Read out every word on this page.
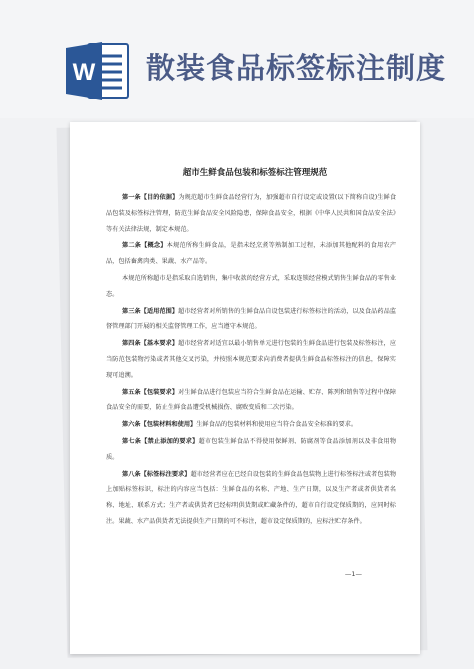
W 散装食品标签标注制度
超市生鲜食品包装和标签标注管理规范

第一条【目的依据】为规范超市生鲜食品经营行为，加强超市自行设定或设置(以下简称自设)生鲜食品包装及标签标注管理，防范生鲜食品安全风险隐患，保障食品安全，根据《中华人民共和国食品安全法》等有关法律法规，制定本规范。

第二条【概念】本规范所称生鲜食品，是指未经烹煮等熟制加工过程，未添加其他配料的食用农产品，包括畜禽肉类、果蔬、水产品等。

本规范所称超市是指采取自选销售，集中收款的经营方式，采取连锁经营模式销售生鲜食品的零售业态。

第三条【适用范围】超市经营者对所销售的生鲜食品自设包装进行标签标注的活动，以及食品药品监督管理部门开展的相关监督管理工作，应当遵守本规范。

第四条【基本要求】超市经营者对适宜以最小销售单元进行包装的生鲜食品进行包装及标签标注，应当防范包装物污染或者其他交叉污染，并按照本规范要求向消费者提供生鲜食品标签标注的信息，保障实现可追溯。

第五条【包装要求】对生鲜食品进行包装应当符合生鲜食品在运输、贮存、陈列和销售等过程中保障食品安全的需要，防止生鲜食品遭受机械损伤、腐败变质和二次污染。

第六条【包装材料和使用】生鲜食品的包装材料和使用应当符合食品安全标准的要求。

第七条【禁止添加的要求】超市包装生鲜食品不得使用保鲜剂、防腐剂等食品添加剂以及非食用物质。

第八条【标签标注要求】超市经营者应在已经自设包装的生鲜食品包装物上进行标签标注或者包装物上加贴标签标识，标注的内容应当包括：生鲜食品的名称、产地、生产日期，以及生产者或者供货者名称、地址、联系方式；生产者或供货者已经标明供货期或贮藏条件的，超市自行设定保质期的，应同时标注。果蔬、水产品供货者无法提供生产日期的可不标注，超市设定保质期的，应标注贮存条件。

—1—
